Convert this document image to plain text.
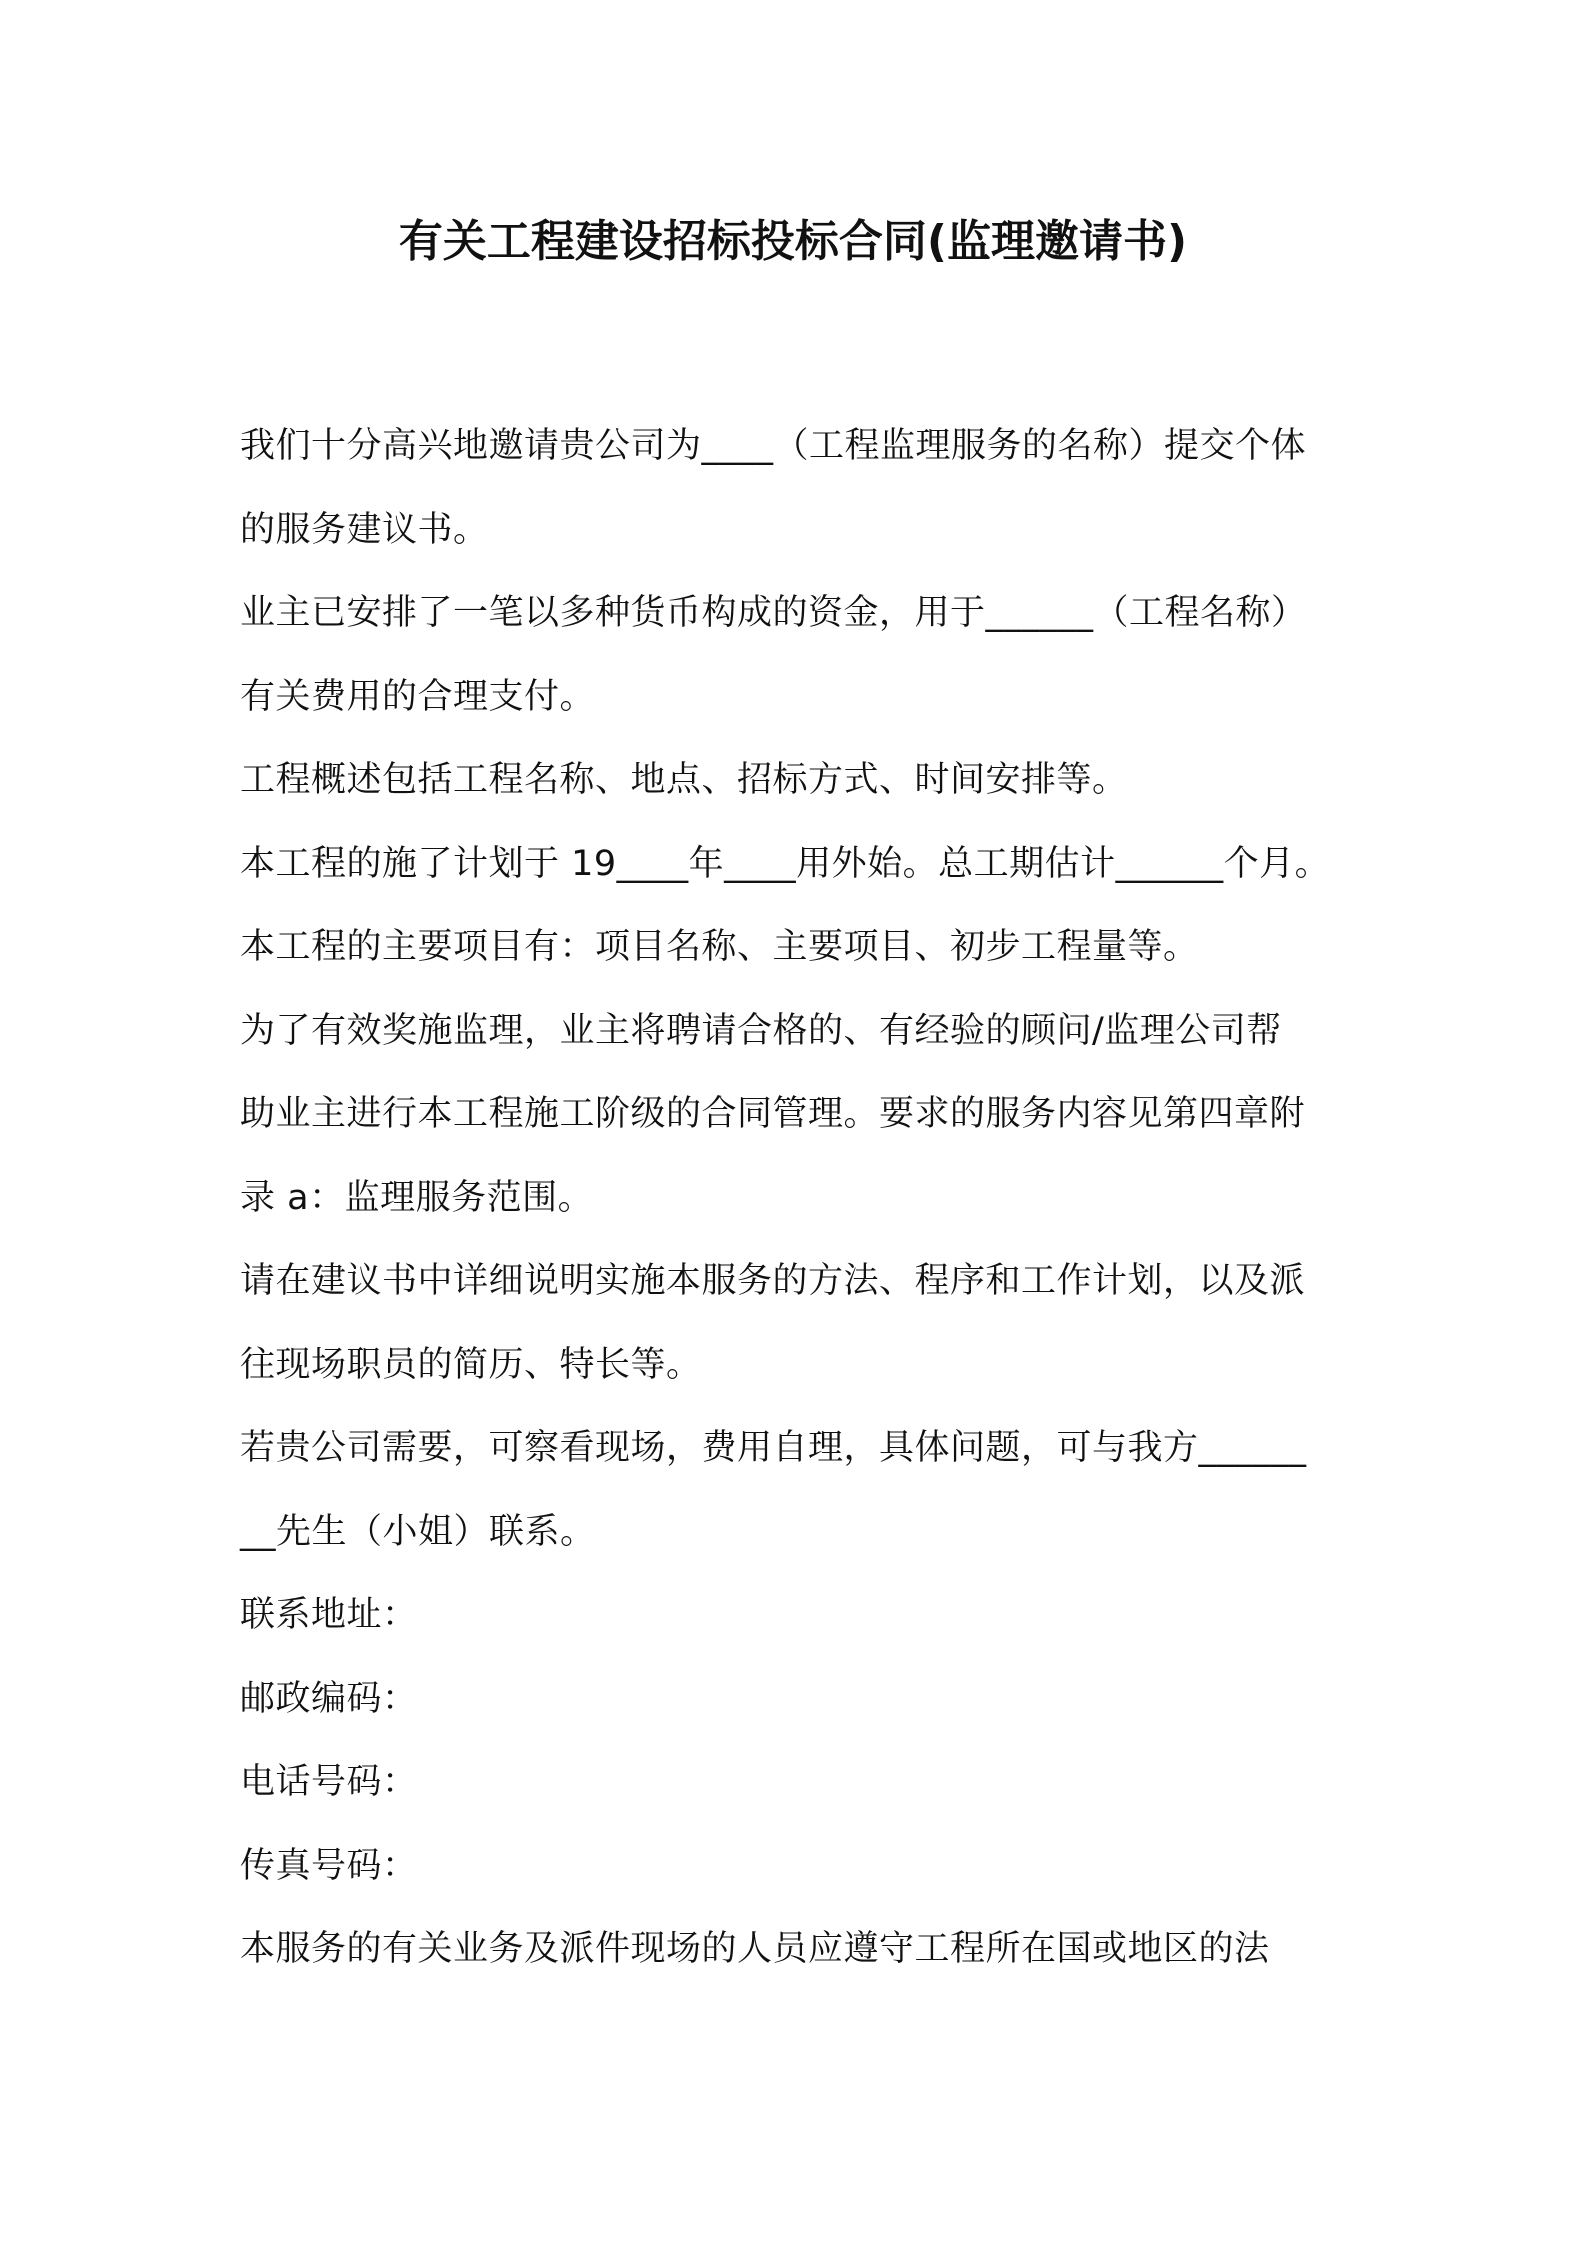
有关工程建设招标投标合同(监理邀请书)
我们十分高兴地邀请贵公司为____（工程监理服务的名称）提交个体
的服务建议书。
业主已安排了一笔以多种货币构成的资金，用于______（工程名称）
有关费用的合理支付。
工程概述包括工程名称、地点、招标方式、时间安排等。
本工程的施了计划于 19____年____用外始。总工期估计______个月。
本工程的主要项目有：项目名称、主要项目、初步工程量等。
为了有效奖施监理，业主将聘请合格的、有经验的顾问/监理公司帮
助业主进行本工程施工阶级的合同管理。要求的服务内容见第四章附
录 a：监理服务范围。
请在建议书中详细说明实施本服务的方法、程序和工作计划，以及派
往现场职员的简历、特长等。
若贵公司需要，可察看现场，费用自理，具体问题，可与我方______
__先生（小姐）联系。
联系地址：
邮政编码：
电话号码：
传真号码：
本服务的有关业务及派件现场的人员应遵守工程所在国或地区的法
